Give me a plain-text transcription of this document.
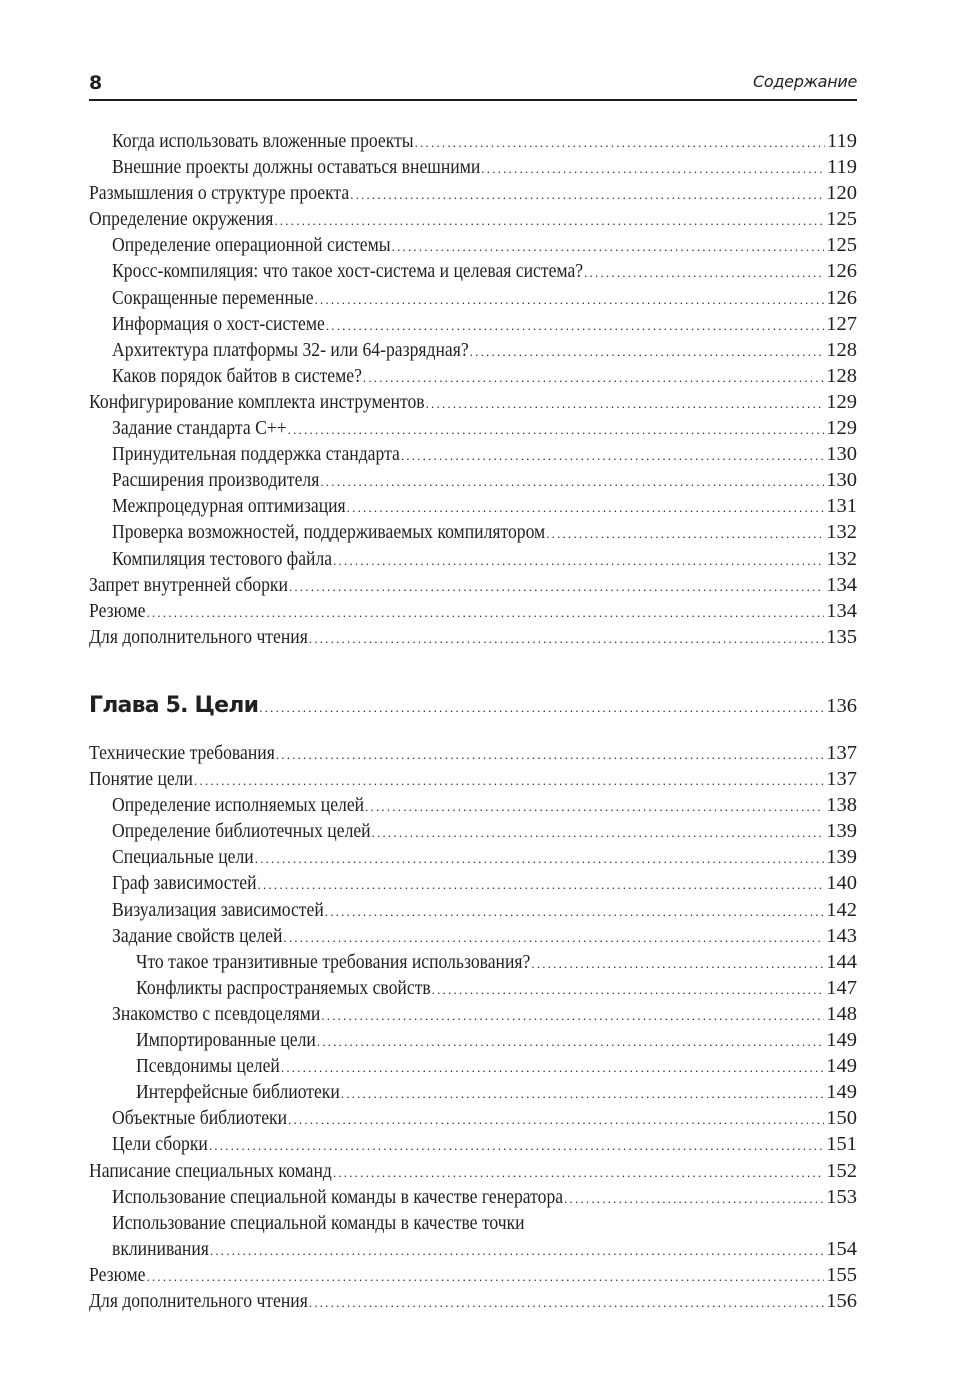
8	Содержание
Когда использовать вложенные проекты .....	119
Внешние проекты должны оставаться внешними .....	119
Размышления о структуре проекта .....	120
Определение окружения .....	125
Определение операционной системы .....	125
Кросс-компиляция: что такое хост-система и целевая система? .....	126
Сокращенные переменные .....	126
Информация о хост-системе .....	127
Архитектура платформы 32- или 64-разрядная? .....	128
Каков порядок байтов в системе? .....	128
Конфигурирование комплекта инструментов .....	129
Задание стандарта C++ .....	129
Принудительная поддержка стандарта .....	130
Расширения производителя .....	130
Межпроцедурная оптимизация .....	131
Проверка возможностей, поддерживаемых компилятором .....	132
Компиляция тестового файла .....	132
Запрет внутренней сборки .....	134
Резюме .....	134
Для дополнительного чтения .....	135
Глава 5. Цели .....	136
Технические требования .....	137
Понятие цели .....	137
Определение исполняемых целей .....	138
Определение библиотечных целей .....	139
Специальные цели .....	139
Граф зависимостей .....	140
Визуализация зависимостей .....	142
Задание свойств целей .....	143
Что такое транзитивные требования использования? .....	144
Конфликты распространяемых свойств .....	147
Знакомство с псевдоцелями .....	148
Импортированные цели .....	149
Псевдонимы целей .....	149
Интерфейсные библиотеки .....	149
Объектные библиотеки .....	150
Цели сборки .....	151
Написание специальных команд .....	152
Использование специальной команды в качестве генератора .....	153
Использование специальной команды в качестве точки
вклинивания .....	154
Резюме .....	155
Для дополнительного чтения .....	156
